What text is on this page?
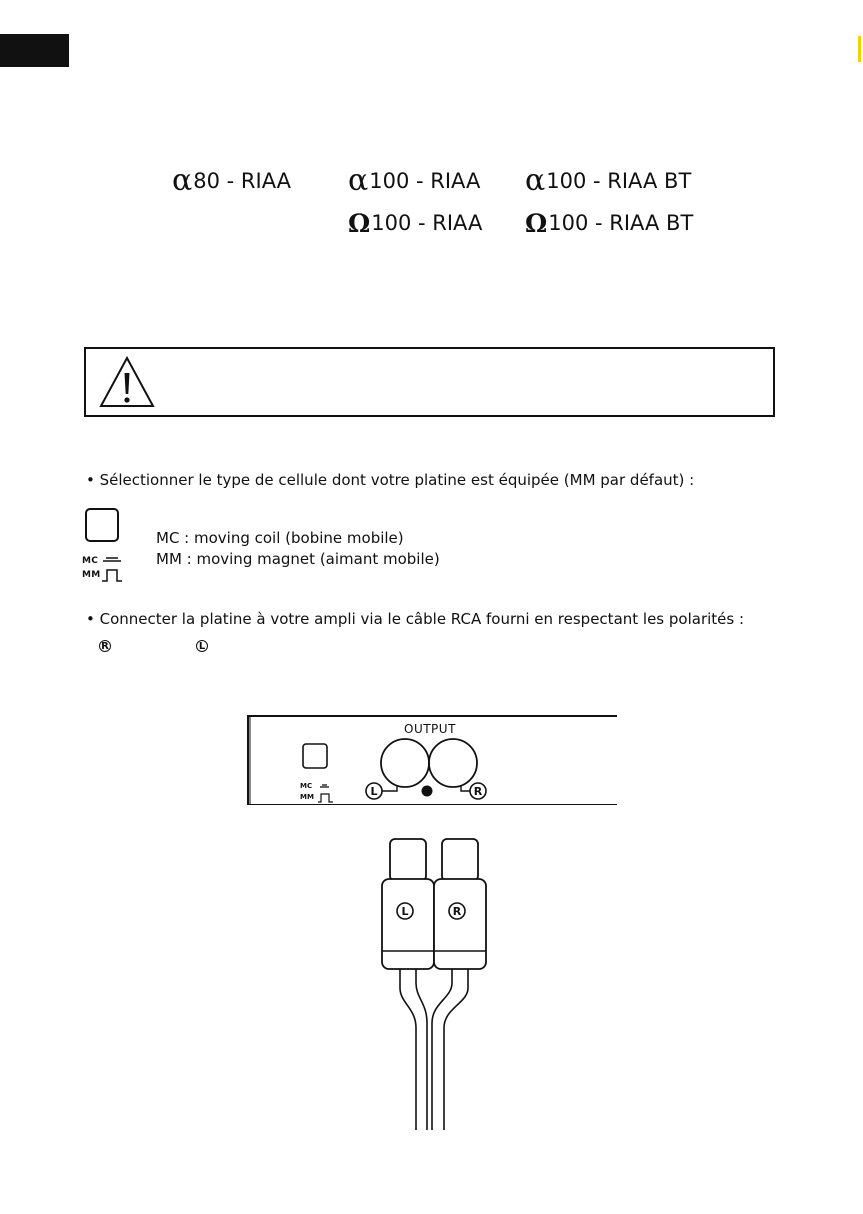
α80 - RIAA α100 - RIAA α100 - RIAA BT
Ω100 - RIAA Ω100 - RIAA BT
• Sélectionner le type de cellule dont votre platine est équipée (MM par défaut) :
MC
MM
MC : moving coil (bobine mobile)
MM : moving magnet (aimant mobile)
• Connecter la platine à votre ampli via le câble RCA fourni en respectant les polarités :
R	L
OUTPUT
L	R
MC
MM
L	R
